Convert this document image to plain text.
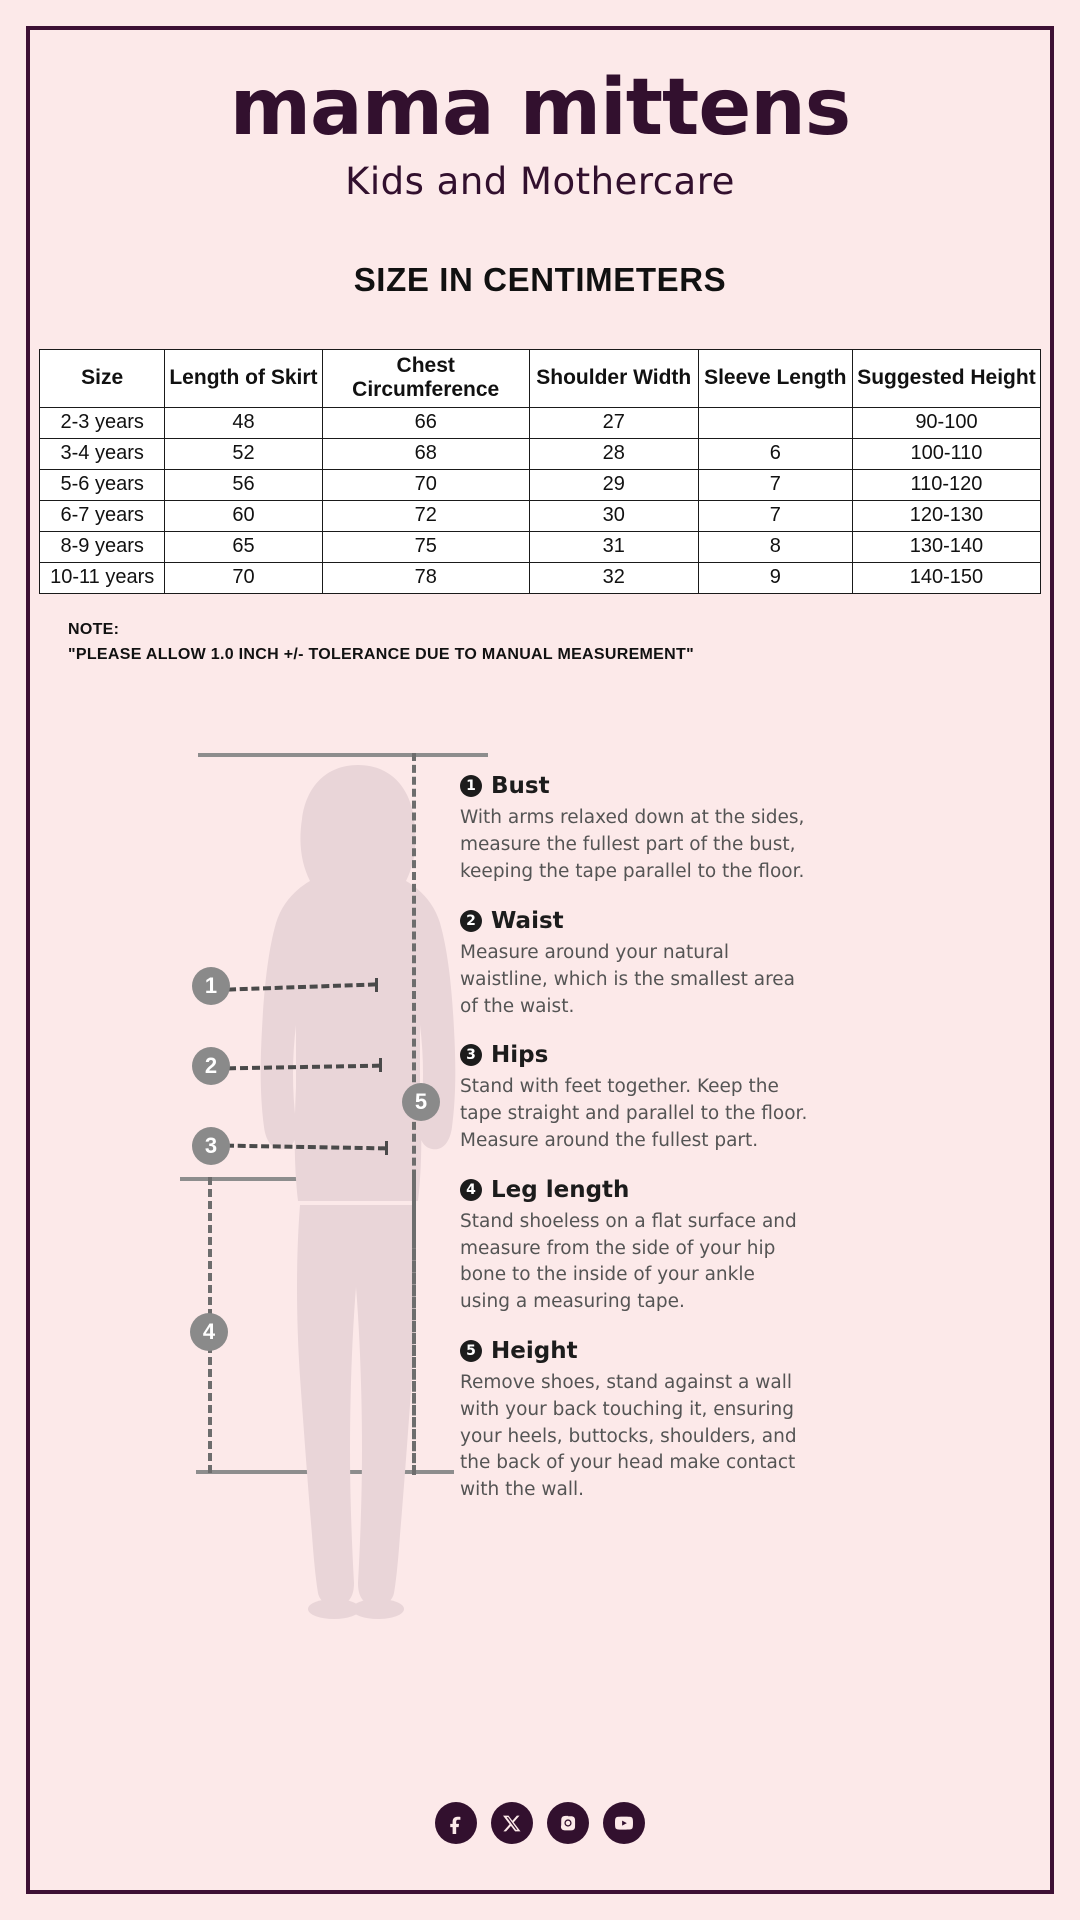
mama mittens
Kids and Mothercare
SIZE IN CENTIMETERS
Size	Length of Skirt	Chest Circumference	Shoulder Width	Sleeve Length	Suggested Height
2-3 years	48	66	27		90-100
3-4 years	52	68	28	6	100-110
5-6 years	56	70	29	7	110-120
6-7 years	60	72	30	7	120-130
8-9 years	65	75	31	8	130-140
10-11 years	70	78	32	9	140-150
NOTE:
"PLEASE ALLOW 1.0 INCH +/- TOLERANCE DUE TO MANUAL MEASUREMENT"
1
2
3
4
5
1 Bust
With arms relaxed down at the sides, measure the fullest part of the bust, keeping the tape parallel to the floor.
2 Waist
Measure around your natural waistline, which is the smallest area of the waist.
3 Hips
Stand with feet together. Keep the tape straight and parallel to the floor. Measure around the fullest part.
4 Leg length
Stand shoeless on a flat surface and measure from the side of your hip bone to the inside of your ankle using a measuring tape.
5 Height
Remove shoes, stand against a wall with your back touching it, ensuring your heels, buttocks, shoulders, and the back of your head make contact with the wall.
